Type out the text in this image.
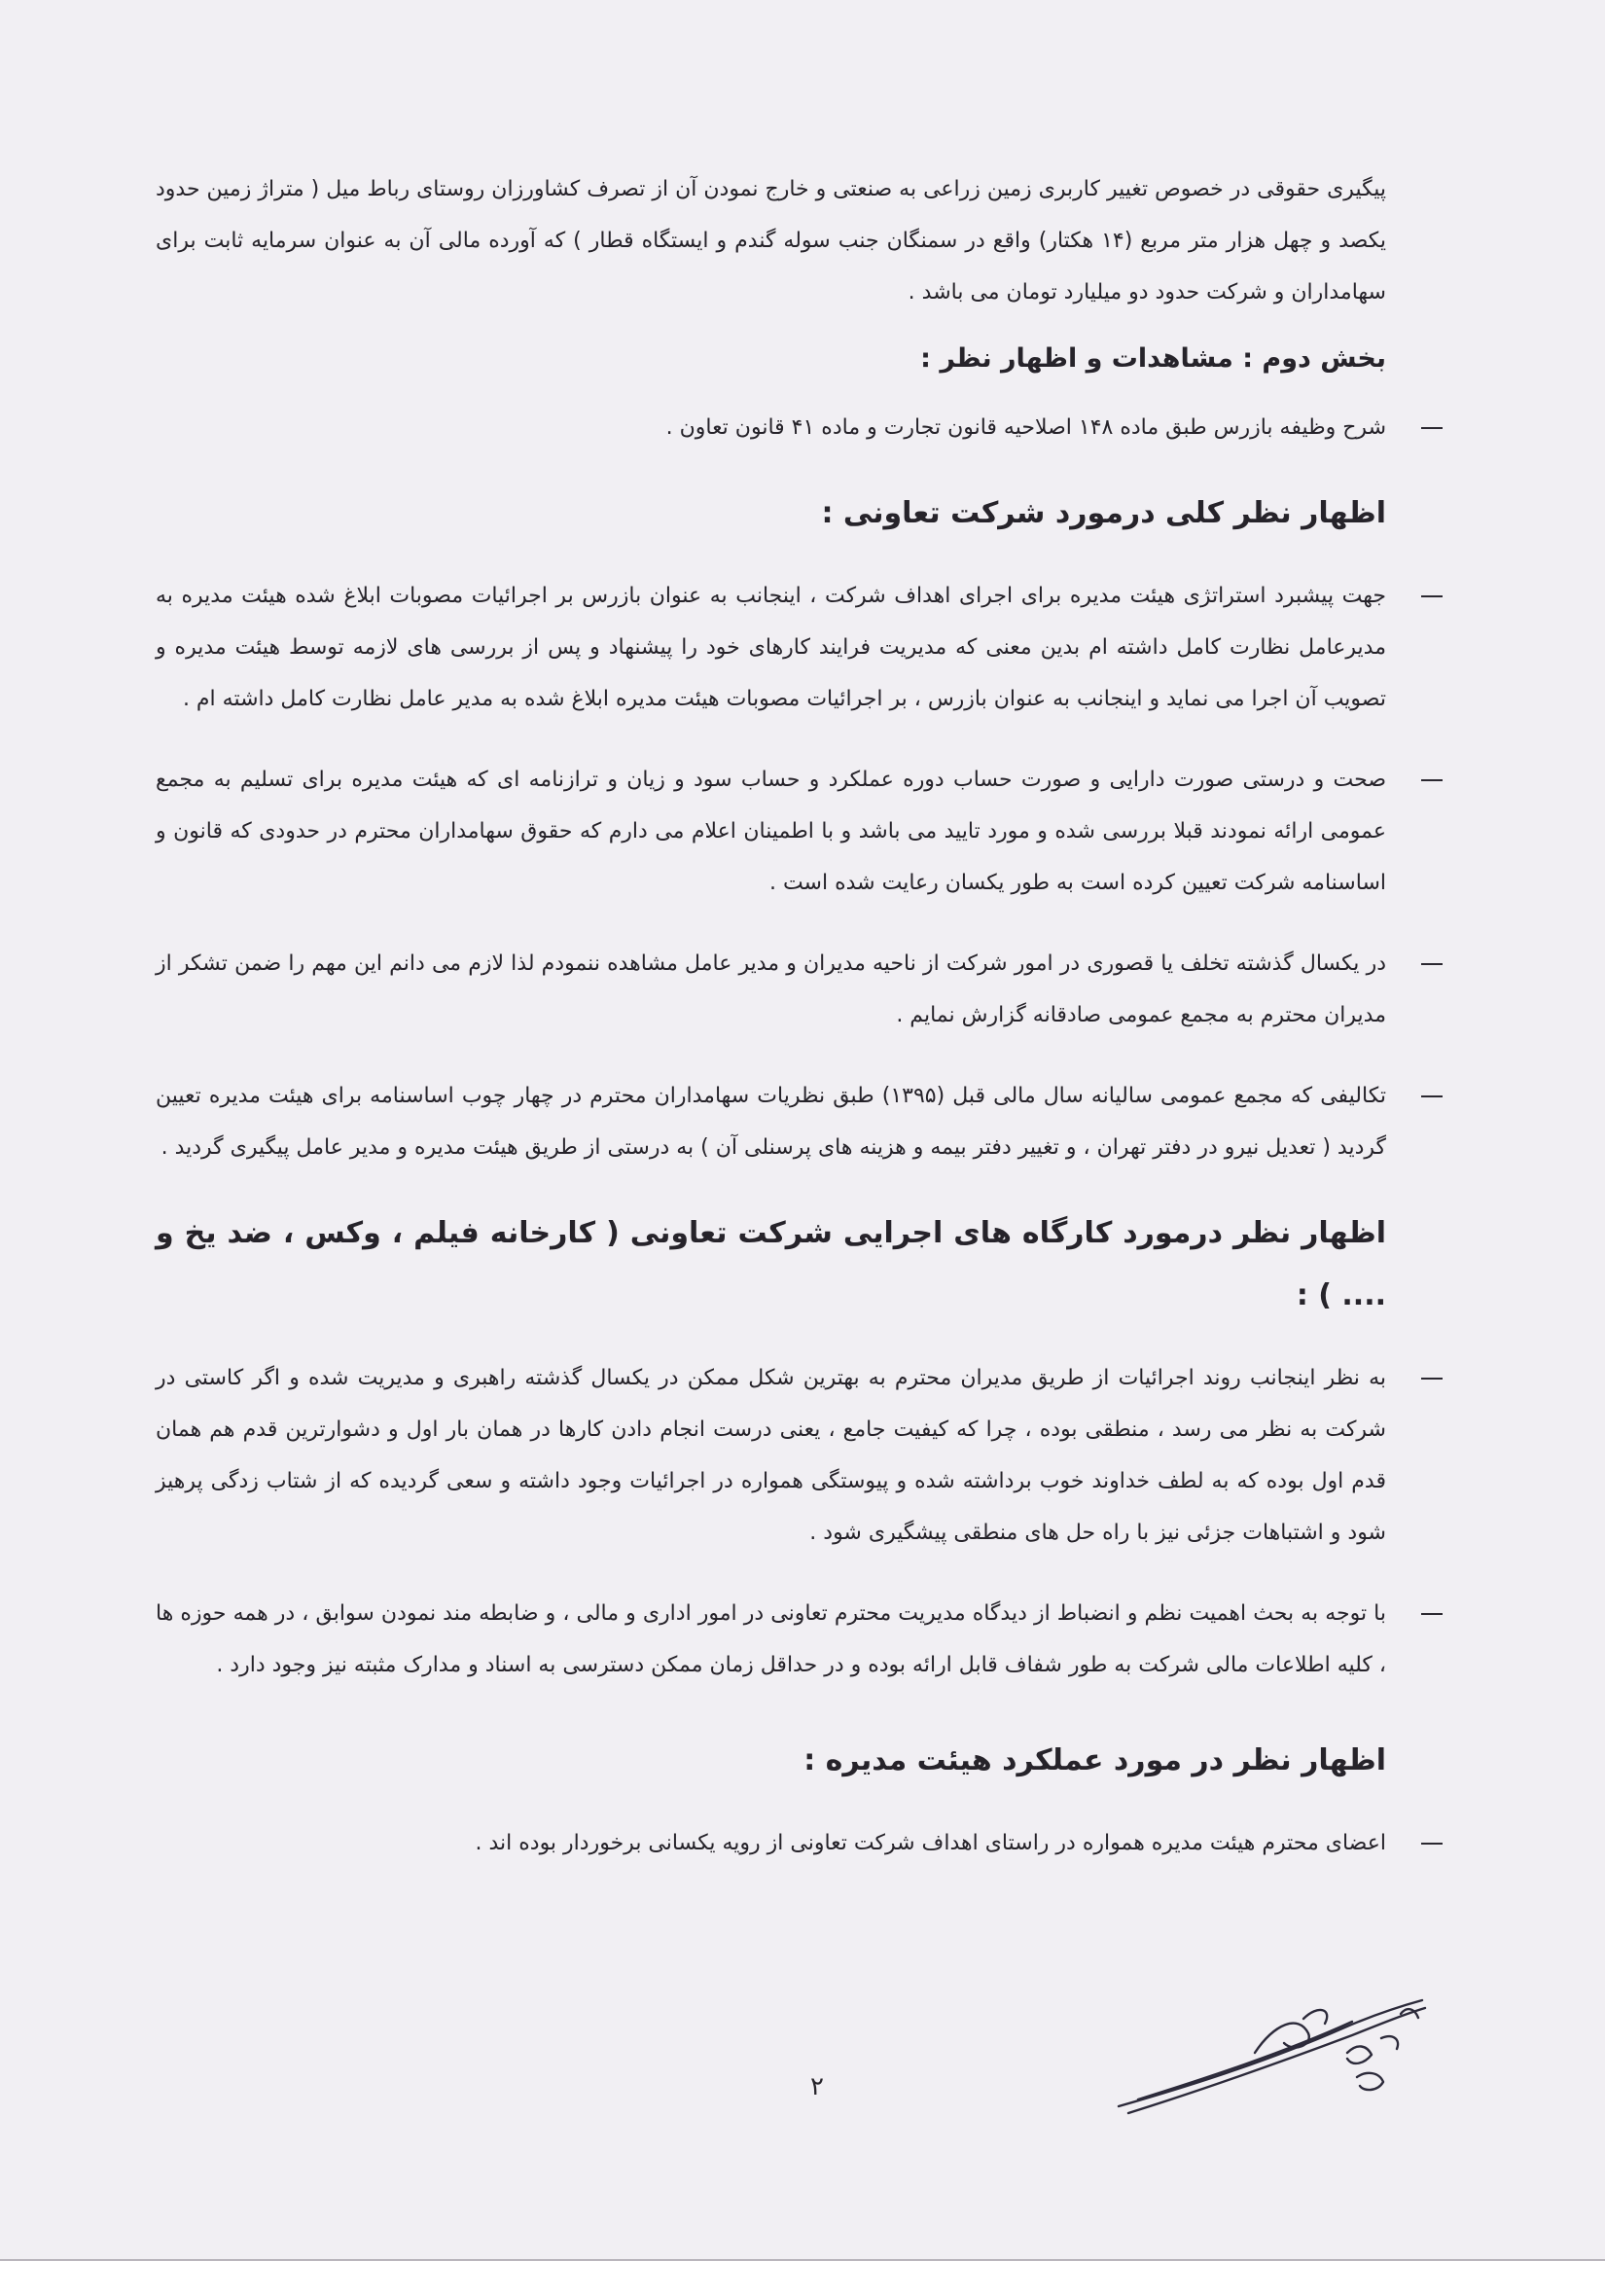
پیگیری حقوقی در خصوص تغییر کاربری زمین زراعی به صنعتی و خارج نمودن آن از تصرف کشاورزان روستای رباط میل ( متراژ زمین حدود یکصد و چهل هزار متر مربع (۱۴ هکتار) واقع در سمنگان جنب سوله گندم و ایستگاه قطار ) که آورده مالی آن به عنوان سرمایه ثابت برای سهامداران و شرکت حدود دو میلیارد تومان می باشد .

بخش دوم : مشاهدات و اظهار نظر :
شرح وظیفه بازرس طبق ماده ۱۴۸ اصلاحیه قانون تجارت و ماده ۴۱ قانون تعاون .
اظهار نظر کلی درمورد شرکت تعاونی :
جهت پیشبرد استراتژی هیئت مدیره برای اجرای اهداف شرکت ، اینجانب به عنوان بازرس بر اجرائیات مصوبات ابلاغ شده هیئت مدیره به مدیرعامل نظارت کامل داشته ام بدین معنی که مدیریت فرایند کارهای خود را پیشنهاد و پس از بررسی های لازمه توسط هیئت مدیره و تصویب آن اجرا می نماید و اینجانب به عنوان بازرس ، بر اجرائیات مصوبات هیئت مدیره ابلاغ شده به مدیر عامل نظارت کامل داشته ام .
صحت و درستی صورت دارایی و صورت حساب دوره عملکرد و حساب سود و زیان و ترازنامه ای که هیئت مدیره برای تسلیم به مجمع عمومی ارائه نمودند قبلا بررسی شده و مورد تایید می باشد و با اطمینان اعلام می دارم که حقوق سهامداران محترم در حدودی که قانون و اساسنامه شرکت تعیین کرده است به طور یکسان رعایت شده است .
در یکسال گذشته تخلف یا قصوری در امور شرکت از ناحیه مدیران و مدیر عامل مشاهده ننمودم لذا لازم می دانم این مهم را ضمن تشکر از مدیران محترم به مجمع عمومی صادقانه گزارش نمایم .
تکالیفی که مجمع عمومی سالیانه سال مالی قبل (۱۳۹۵) طبق نظریات سهامداران محترم در چهار چوب اساسنامه برای هیئت مدیره تعیین گردید ( تعدیل نیرو در دفتر تهران ، و تغییر دفتر بیمه و هزینه های پرسنلی آن ) به درستی از طریق هیئت مدیره و مدیر عامل پیگیری گردید .
اظهار نظر درمورد کارگاه های اجرایی شرکت تعاونی ( کارخانه فیلم ، وکس ، ضد یخ و .... ) :
به نظر اینجانب روند اجرائیات از طریق مدیران محترم به بهترین شکل ممکن در یکسال گذشته راهبری و مدیریت شده و اگر کاستی در شرکت به نظر می رسد ، منطقی بوده ، چرا که کیفیت جامع ، یعنی درست انجام دادن کارها در همان بار اول و دشوارترین قدم هم همان قدم اول بوده که به لطف خداوند خوب برداشته شده و پیوستگی همواره در اجرائیات وجود داشته و سعی گردیده که از شتاب زدگی پرهیز شود و اشتباهات جزئی نیز با راه حل های منطقی پیشگیری شود .
با توجه به بحث اهمیت نظم و انضباط از دیدگاه مدیریت محترم تعاونی در امور اداری و مالی ، و ضابطه مند نمودن سوابق ، در همه حوزه ها ، کلیه اطلاعات مالی شرکت به طور شفاف قابل ارائه بوده و در حداقل زمان ممکن دسترسی به اسناد و مدارک مثبته نیز وجود دارد .
اظهار نظر در مورد عملکرد هیئت مدیره :
اعضای محترم هیئت مدیره همواره در راستای اهداف شرکت تعاونی از رویه یکسانی برخوردار بوده اند .
۲
